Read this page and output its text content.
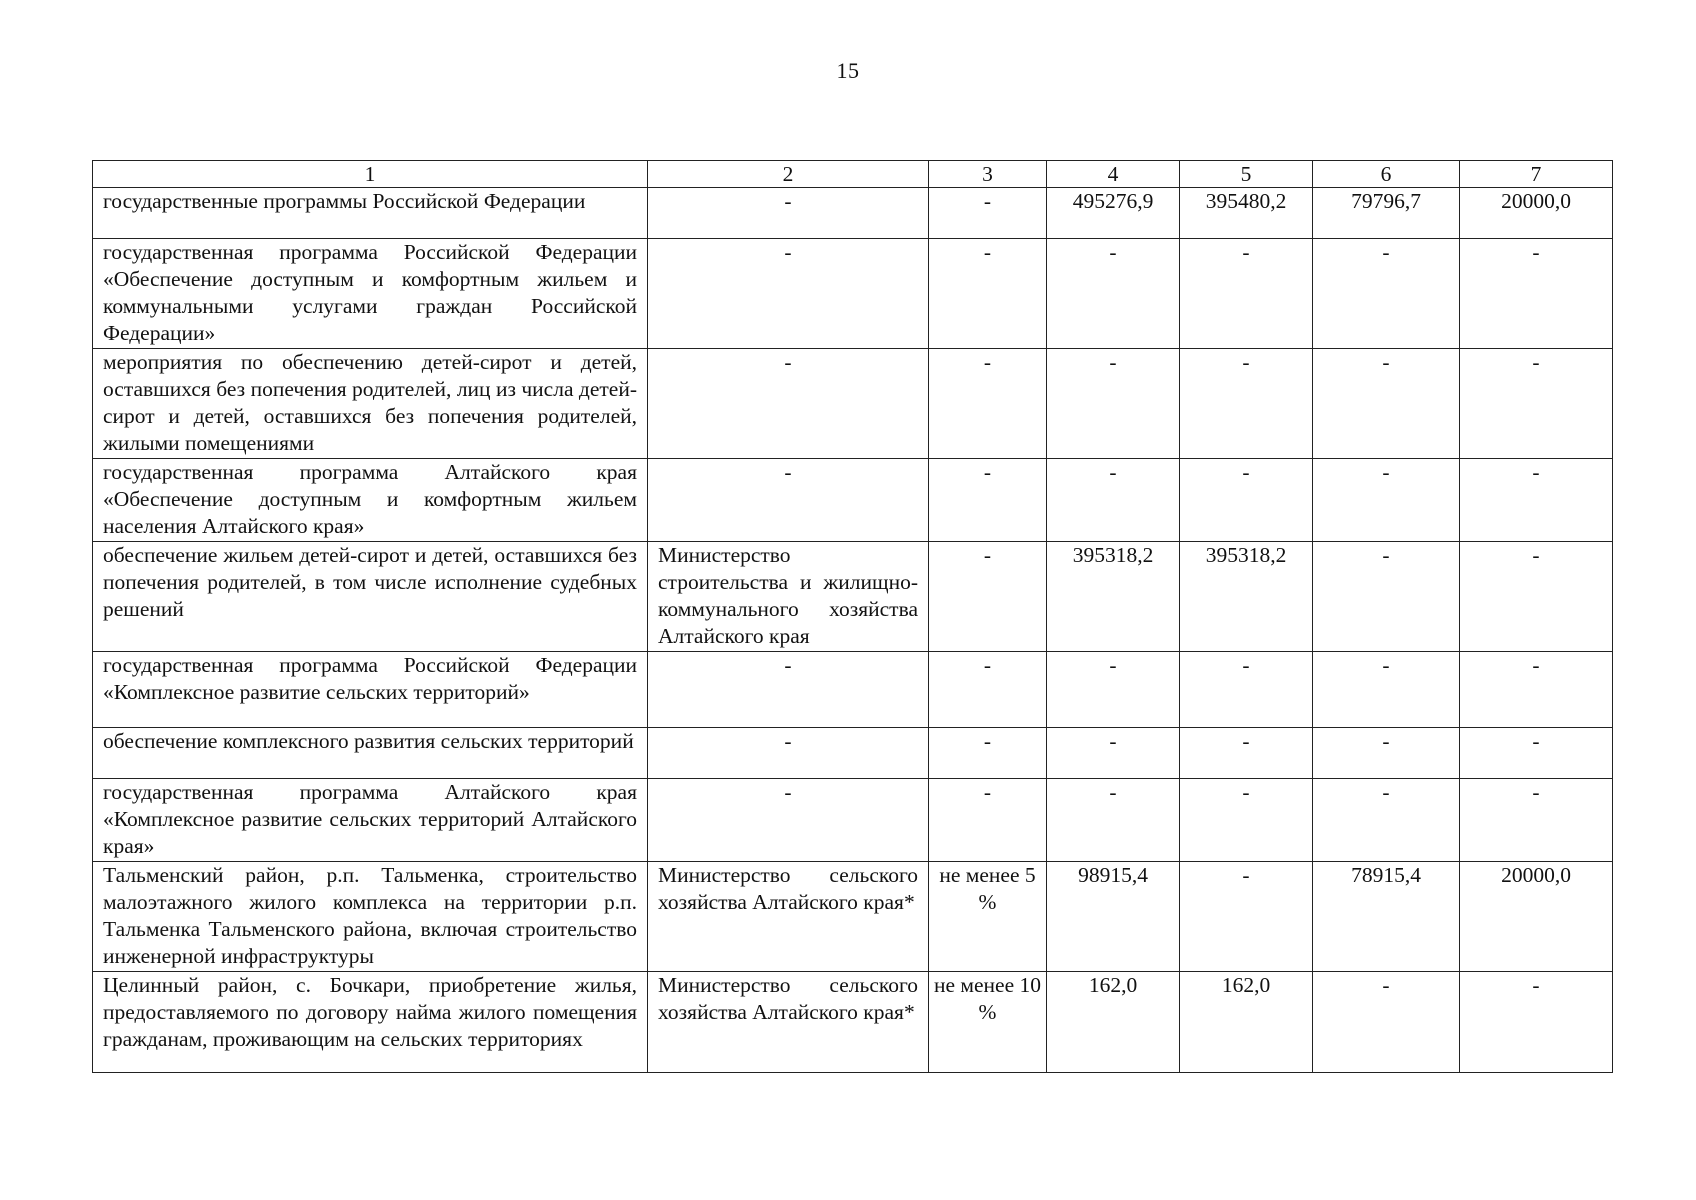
15
1	2	3	4	5	6	7
государственные программы Российской Федерации	-	-	495276,9	395480,2	79796,7	20000,0
государственная программа Российской Федерации «Обеспечение доступным и комфортным жильем и коммунальными услугами граждан Российской Федерации»	-	-	-	-	-	-
мероприятия по обеспечению детей-сирот и детей, оставшихся без попечения родителей, лиц из числа детей-сирот и детей, оставшихся без попечения родителей, жилыми помещениями	-	-	-	-	-	-
государственная программа Алтайского края «Обеспечение доступным и комфортным жильем населения Алтайского края»	-	-	-	-	-	-
обеспечение жильем детей-сирот и детей, оставшихся без попечения родителей, в том числе исполнение судебных решений	Министерство строительства и жилищно-коммунального хозяйства Алтайского края	-	395318,2	395318,2	-	-
государственная программа Российской Федерации «Комплексное развитие сельских территорий»	-	-	-	-	-	-
обеспечение комплексного развития сельских территорий	-	-	-	-	-	-
государственная программа Алтайского края «Комплексное развитие сельских территорий Алтайского края»	-	-	-	-	-	-
Тальменский район, р.п. Тальменка, строительство малоэтажного жилого комплекса на территории р.п. Тальменка Тальменского района, включая строительство инженерной инфраструктуры	Министерство сельского хозяйства Алтайского края*	не менее 5 %	98915,4	-	78915,4	20000,0
Целинный район, с. Бочкари, приобретение жилья, предоставляемого по договору найма жилого помещения гражданам, проживающим на сельских территориях	Министерство сельского хозяйства Алтайского края*	не менее 10 %	162,0	162,0	-	-
